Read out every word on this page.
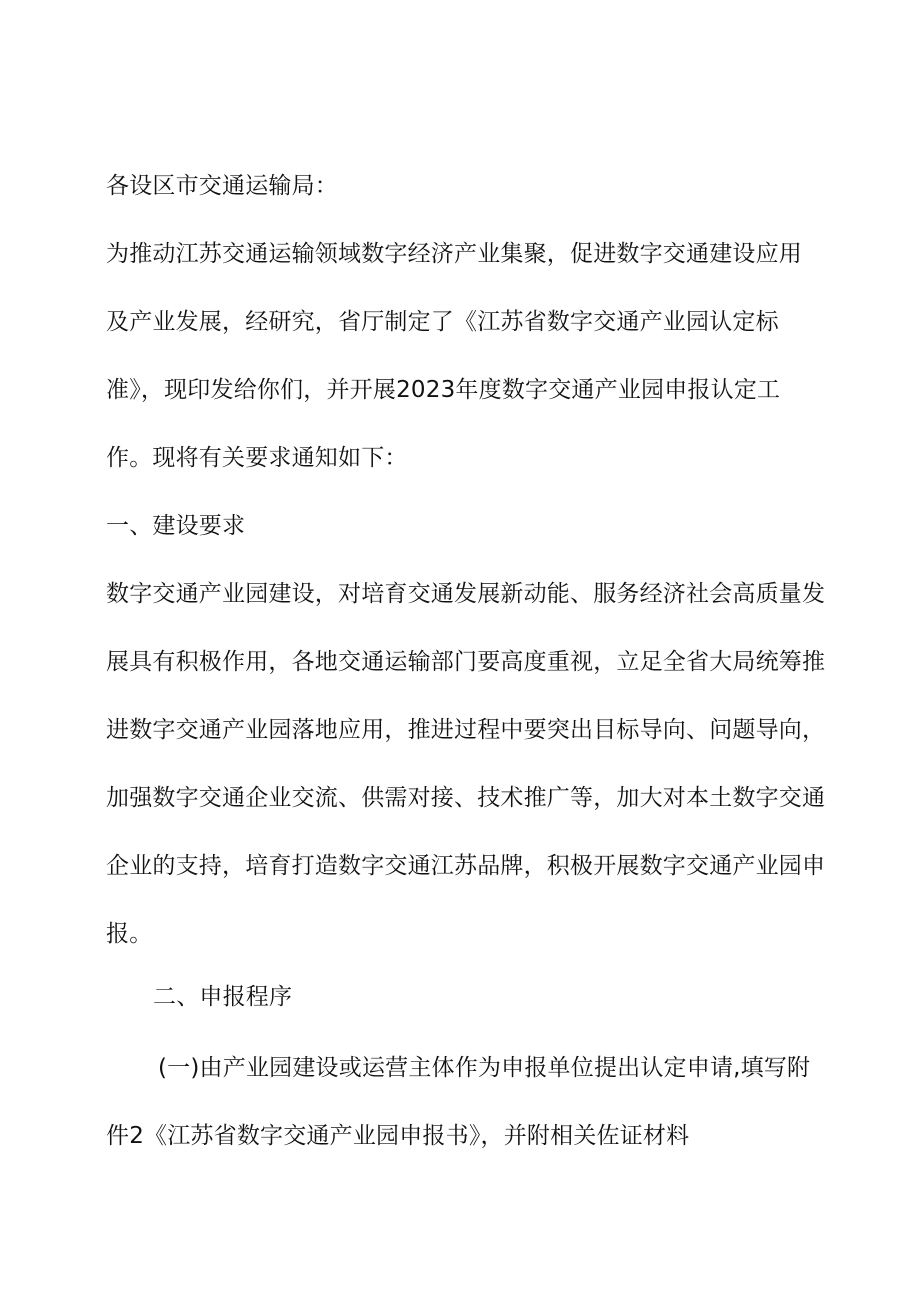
各设区市交通运输局：
为推动江苏交通运输领域数字经济产业集聚，促进数字交通建设应用
及产业发展，经研究，省厅制定了《江苏省数字交通产业园认定标
准》，现印发给你们，并开展2023年度数字交通产业园申报认定工
作。现将有关要求通知如下：
一、建设要求
数字交通产业园建设，对培育交通发展新动能、服务经济社会高质量发
展具有积极作用，各地交通运输部门要高度重视，立足全省大局统筹推
进数字交通产业园落地应用，推进过程中要突出目标导向、问题导向，
加强数字交通企业交流、供需对接、技术推广等，加大对本土数字交通
企业的支持，培育打造数字交通江苏品牌，积极开展数字交通产业园申
报。
二、申报程序
(一)由产业园建设或运营主体作为申报单位提出认定申请,填写附
件2《江苏省数字交通产业园申报书》，并附相关佐证材料
